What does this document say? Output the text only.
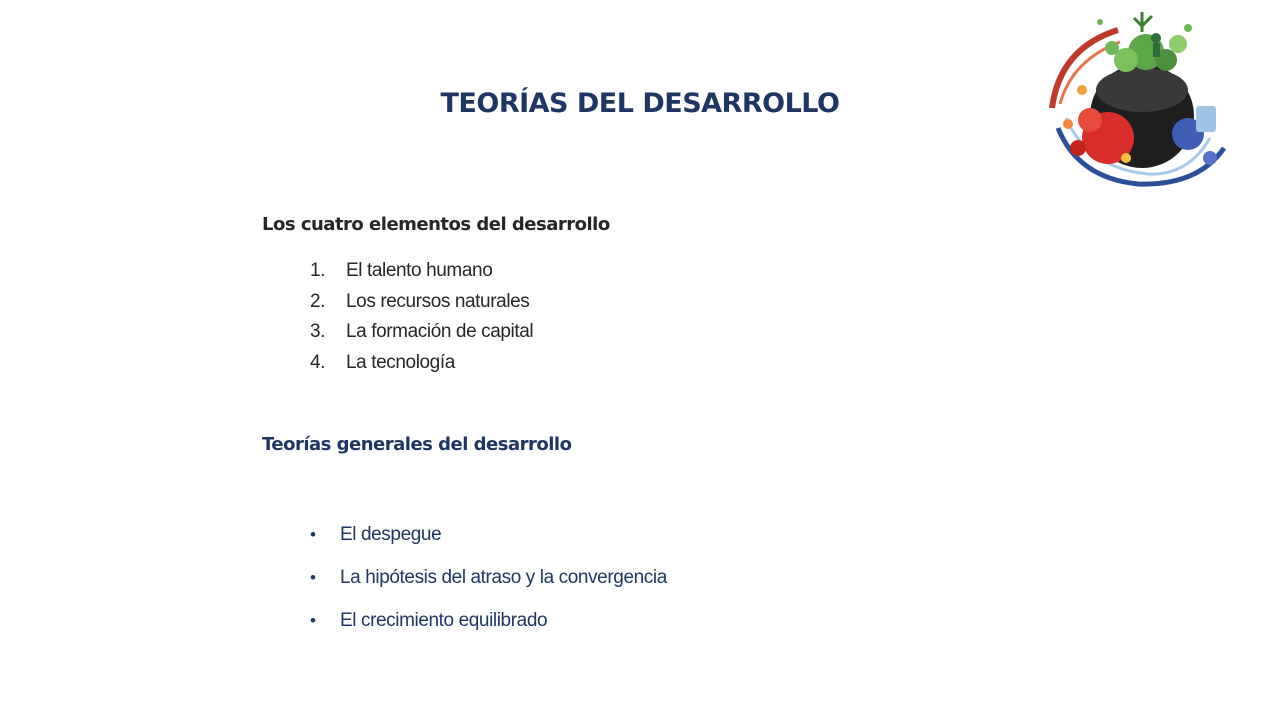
TEORÍAS DEL DESARROLLO
Los cuatro elementos del desarrollo
1.	El talento humano
2.	Los recursos naturales
3.	La formación de capital
4.	La tecnología
Teorías generales del desarrollo
•	El despegue
•	La hipótesis del atraso y la convergencia
•	El crecimiento equilibrado
